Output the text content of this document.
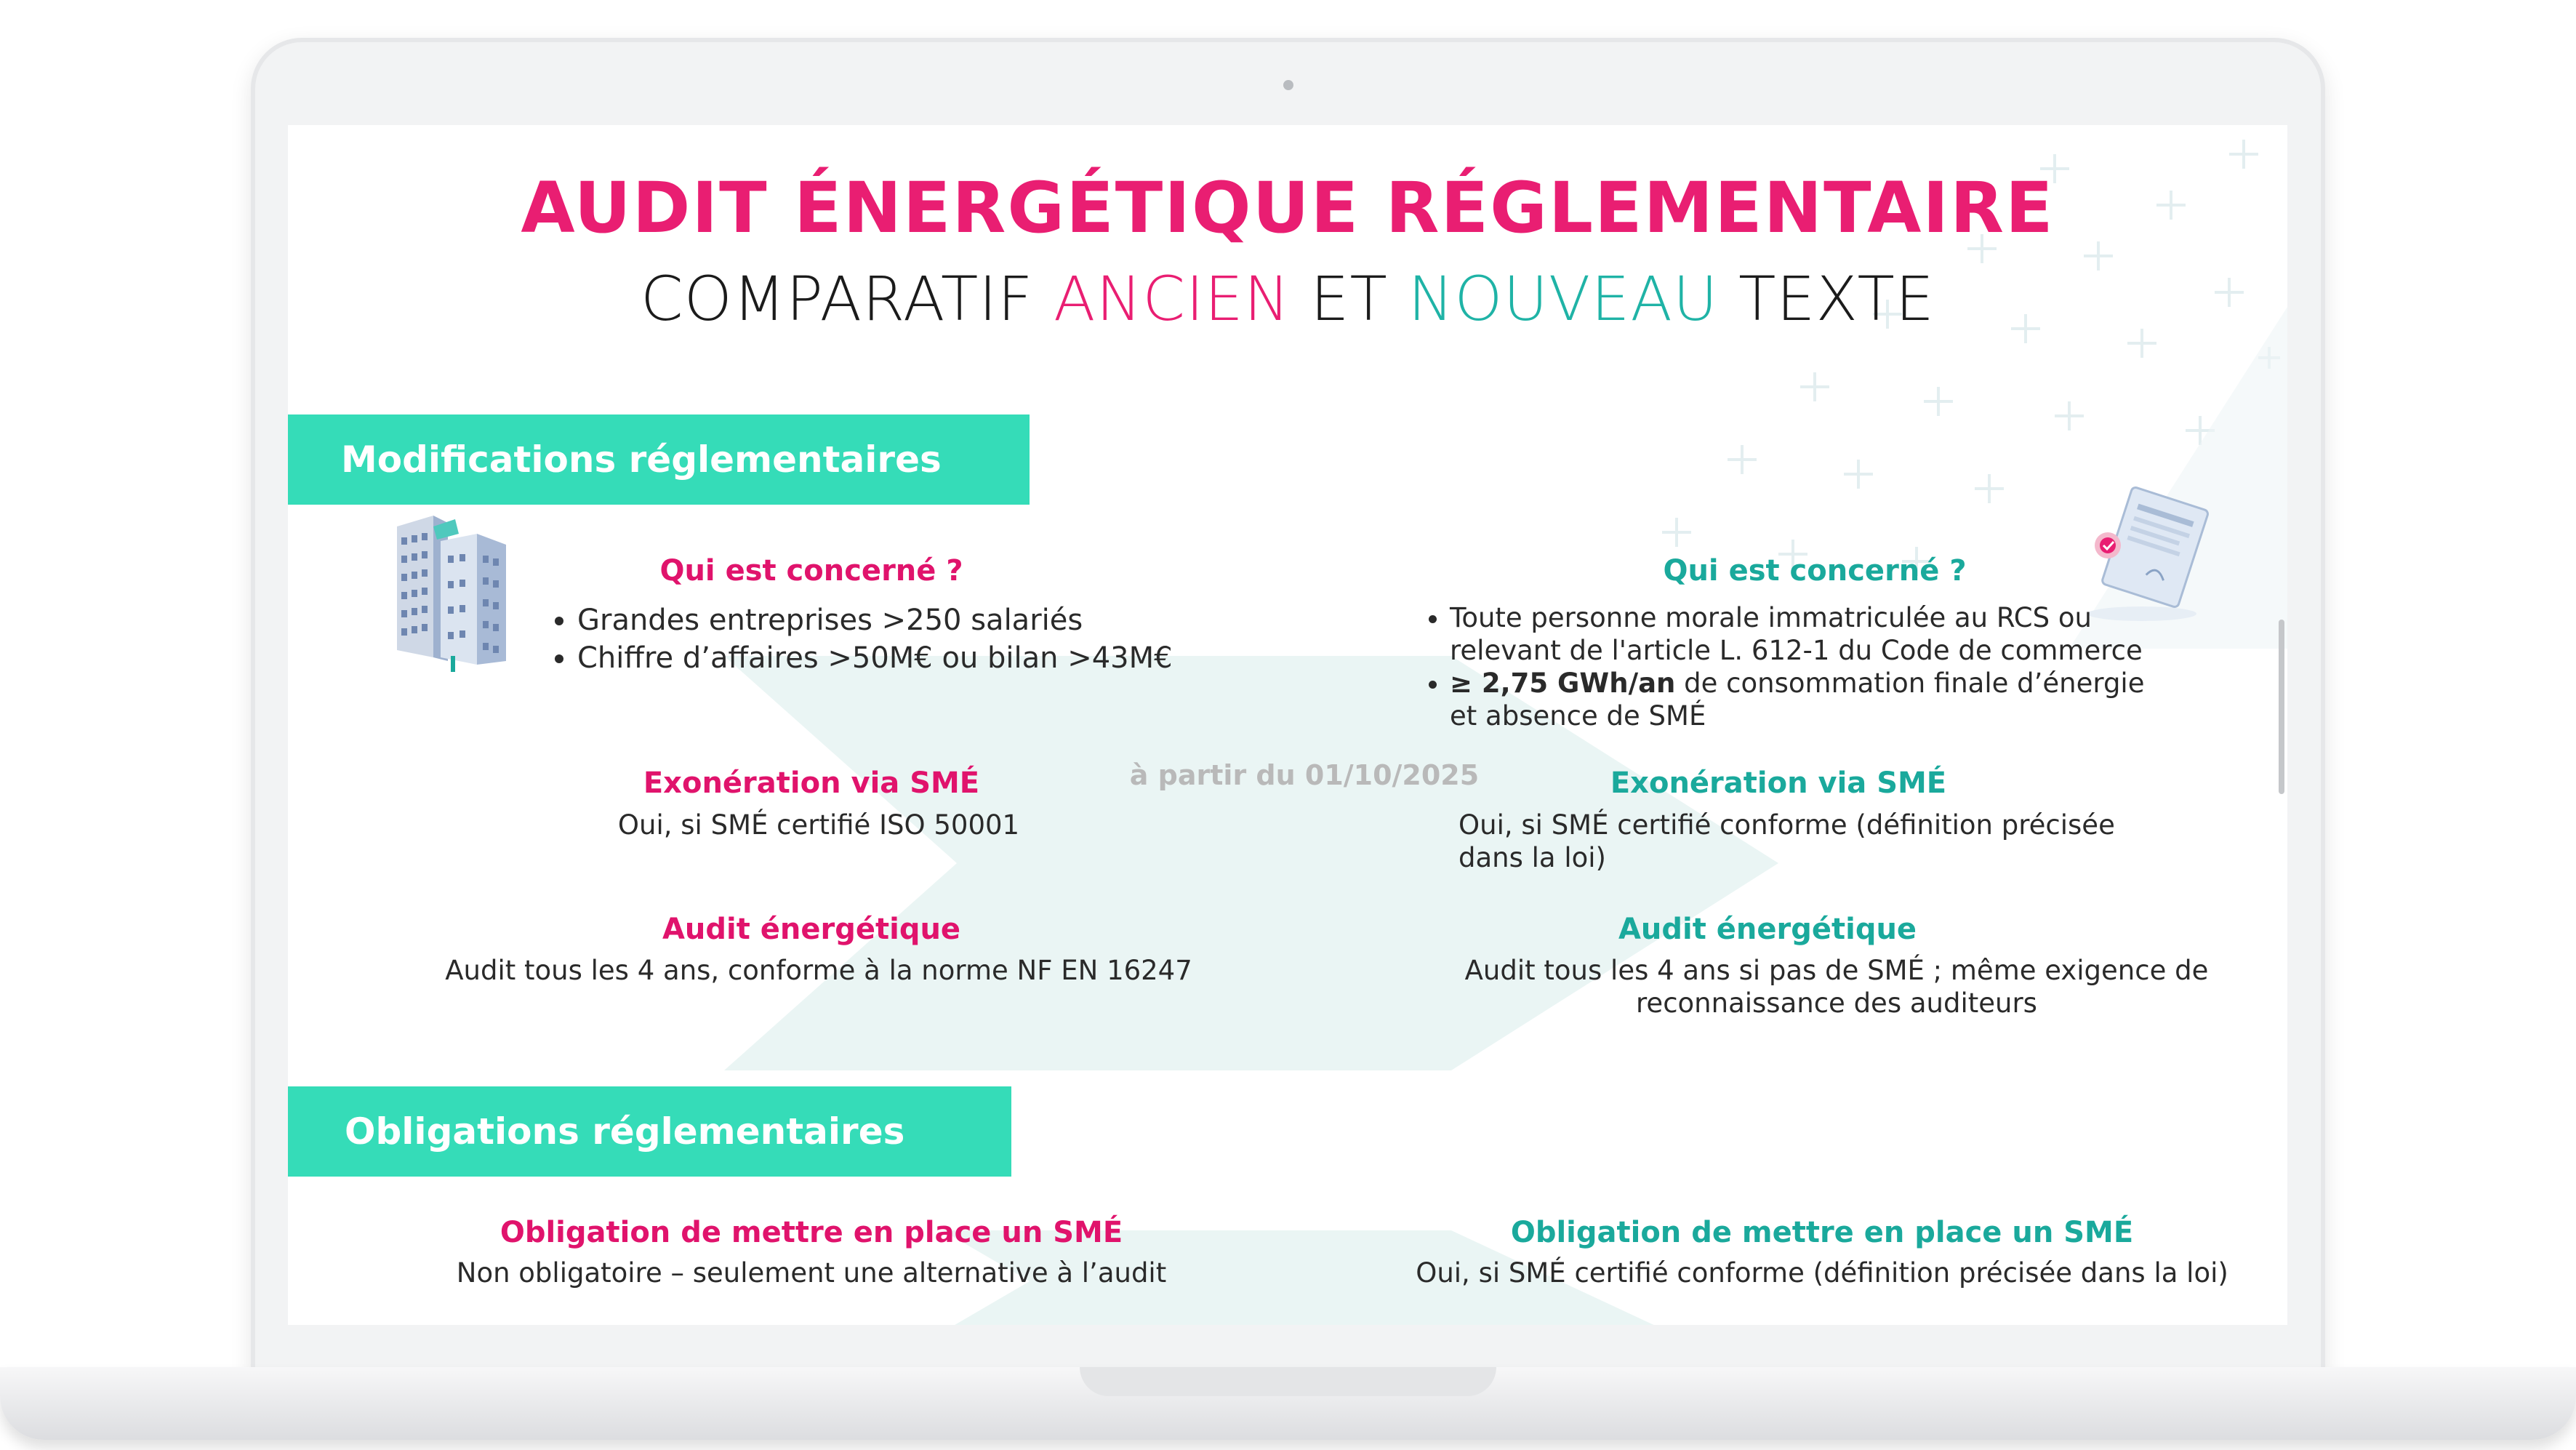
AUDIT ÉNERGÉTIQUE RÉGLEMENTAIRE
COMPARATIF ANCIEN ET NOUVEAU TEXTE
Modifications réglementaires
Qui est concerné ?
• Grandes entreprises >250 salariés
• Chiffre d’affaires >50M€ ou bilan >43M€
Exonération via SMÉ
Oui, si SMÉ certifié ISO 50001
Audit énergétique
Audit tous les 4 ans, conforme à la norme NF EN 16247
à partir du 01/10/2025
Qui est concerné ?
• Toute personne morale immatriculée au RCS ou relevant de l'article L. 612-1 du Code de commerce
• ≥ 2,75 GWh/an de consommation finale d’énergie et absence de SMÉ
Exonération via SMÉ
Oui, si SMÉ certifié conforme (définition précisée dans la loi)
Audit énergétique
Audit tous les 4 ans si pas de SMÉ ; même exigence de reconnaissance des auditeurs
Obligations réglementaires
Obligation de mettre en place un SMÉ
Non obligatoire – seulement une alternative à l’audit
Obligation de mettre en place un SMÉ
Oui, si SMÉ certifié conforme (définition précisée dans la loi)
